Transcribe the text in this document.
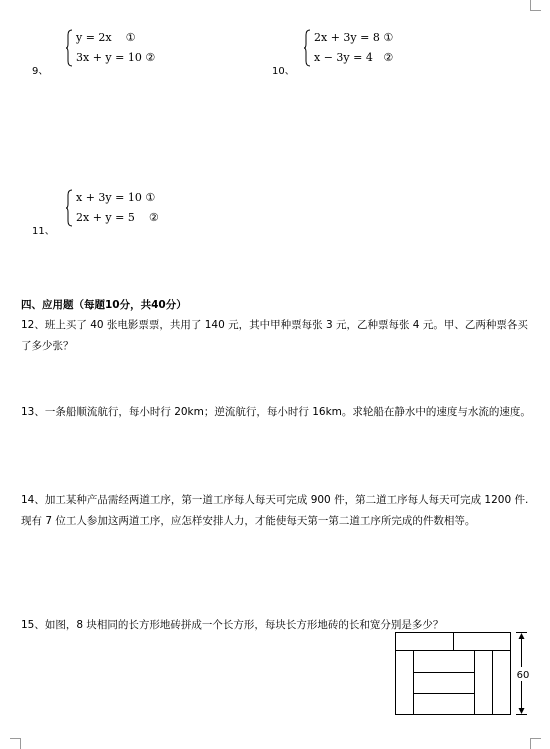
9、
y = 2x ①
3x + y = 10 ②
10、
2x + 3y = 8 ①
x − 3y = 4 ②
11、
x + 3y = 10 ①
2x + y = 5 ②
四、应用题（每题10分，共40分）
12、班上买了 40 张电影票票，共用了 140 元，其中甲种票每张 3 元，乙种票每张 4 元。甲、乙两种票各买了多少张？
13、一条船顺流航行，每小时行 20km；逆流航行，每小时行 16km。求轮船在静水中的速度与水流的速度。
14、加工某种产品需经两道工序，第一道工序每人每天可完成 900 件，第二道工序每人每天可完成 1200 件.现有 7 位工人参加这两道工序，应怎样安排人力，才能使每天第一第二道工序所完成的件数相等。
15、如图，8 块相同的长方形地砖拼成一个长方形，每块长方形地砖的长和宽分别是多少？
60
